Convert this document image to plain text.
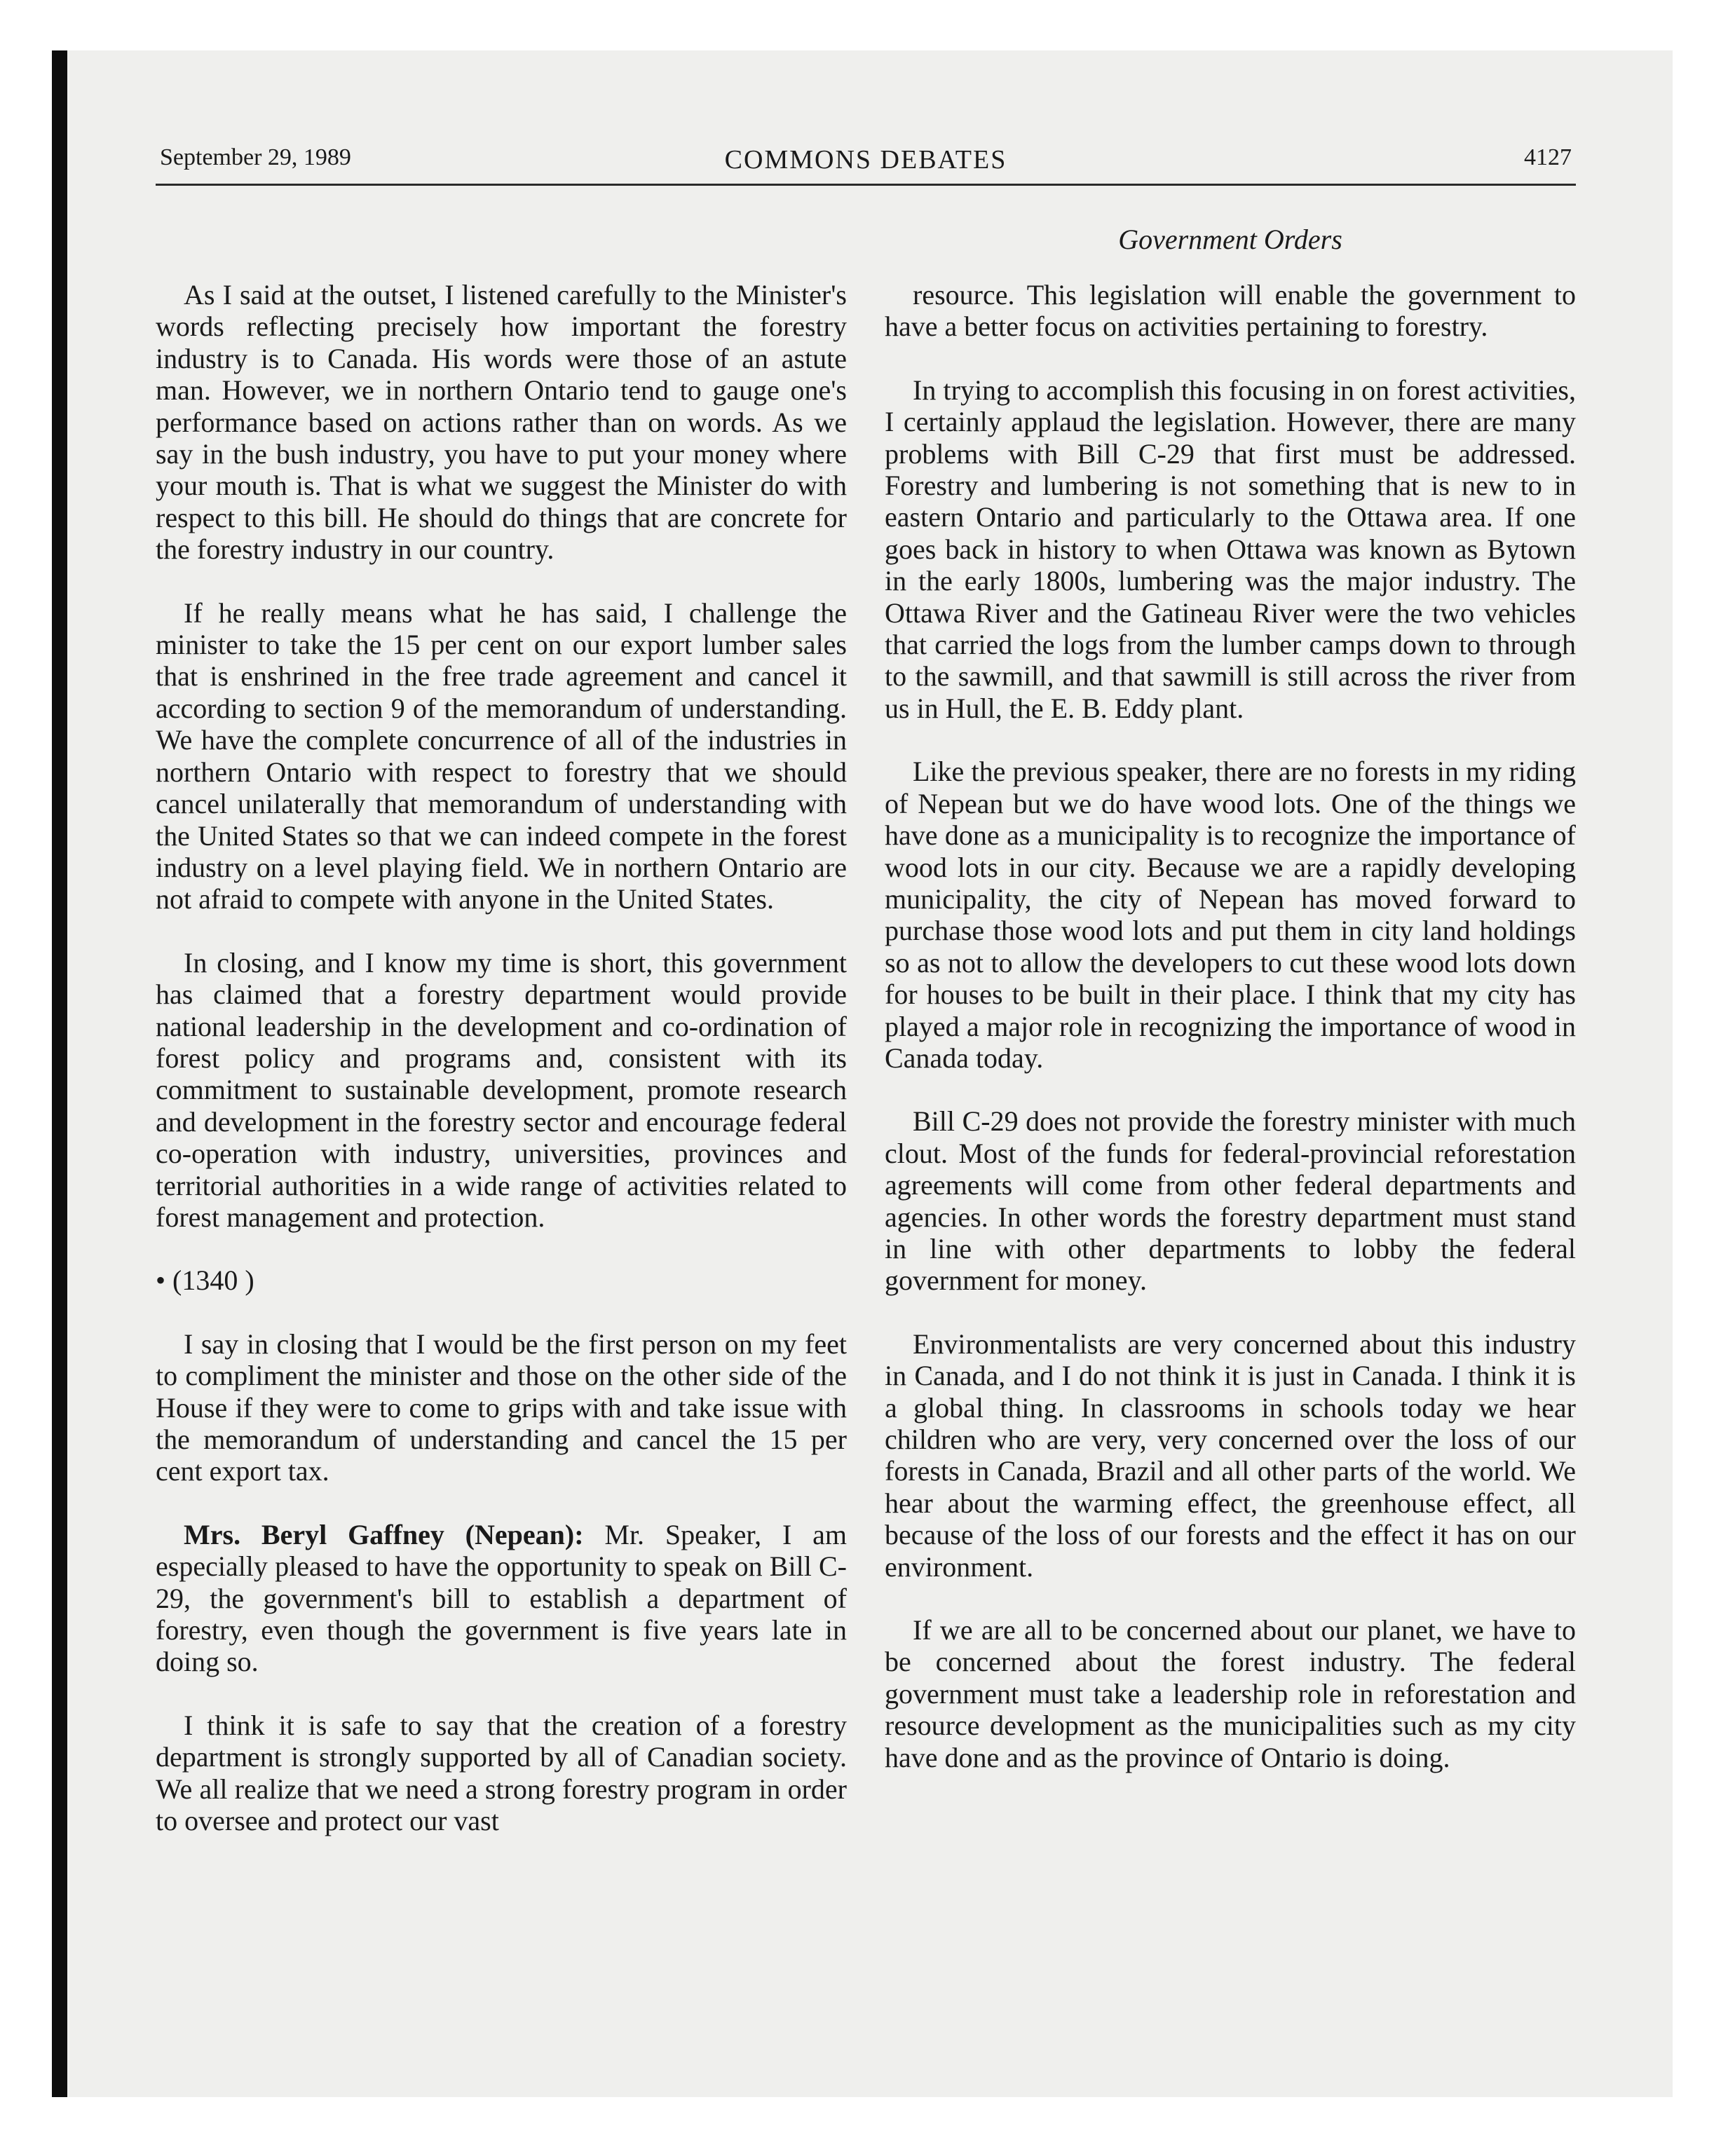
September 29, 1989	COMMONS DEBATES	4127
Government Orders

As I said at the outset, I listened carefully to the Minister's words reflecting precisely how important the forestry industry is to Canada. His words were those of an astute man. However, we in northern Ontario tend to gauge one's performance based on actions rather than on words. As we say in the bush industry, you have to put your money where your mouth is. That is what we suggest the Minister do with respect to this bill. He should do things that are concrete for the forestry industry in our country.

If he really means what he has said, I challenge the minister to take the 15 per cent on our export lumber sales that is enshrined in the free trade agreement and cancel it according to section 9 of the memorandum of understanding. We have the complete concurrence of all of the industries in northern Ontario with respect to forestry that we should cancel unilaterally that memorandum of understanding with the United States so that we can indeed compete in the forest industry on a level playing field. We in northern Ontario are not afraid to compete with anyone in the United States.

In closing, and I know my time is short, this government has claimed that a forestry department would provide national leadership in the development and co-ordination of forest policy and programs and, consistent with its commitment to sustainable development, promote research and development in the forestry sector and encourage federal co-operation with industry, universities, provinces and territorial authorities in a wide range of activities related to forest management and protection.

• (1340 )

I say in closing that I would be the first person on my feet to compliment the minister and those on the other side of the House if they were to come to grips with and take issue with the memorandum of understanding and cancel the 15 per cent export tax.

Mrs. Beryl Gaffney (Nepean): Mr. Speaker, I am especially pleased to have the opportunity to speak on Bill C-29, the government's bill to establish a department of forestry, even though the government is five years late in doing so.

I think it is safe to say that the creation of a forestry department is strongly supported by all of Canadian society. We all realize that we need a strong forestry program in order to oversee and protect our vast

resource. This legislation will enable the government to have a better focus on activities pertaining to forestry.

In trying to accomplish this focusing in on forest activities, I certainly applaud the legislation. However, there are many problems with Bill C-29 that first must be addressed. Forestry and lumbering is not something that is new to in eastern Ontario and particularly to the Ottawa area. If one goes back in history to when Ottawa was known as Bytown in the early 1800s, lumbering was the major industry. The Ottawa River and the Gatineau River were the two vehicles that carried the logs from the lumber camps down to through to the sawmill, and that sawmill is still across the river from us in Hull, the E. B. Eddy plant.

Like the previous speaker, there are no forests in my riding of Nepean but we do have wood lots. One of the things we have done as a municipality is to recognize the importance of wood lots in our city. Because we are a rapidly developing municipality, the city of Nepean has moved forward to purchase those wood lots and put them in city land holdings so as not to allow the developers to cut these wood lots down for houses to be built in their place. I think that my city has played a major role in recognizing the importance of wood in Canada today.

Bill C-29 does not provide the forestry minister with much clout. Most of the funds for federal-provincial reforestation agreements will come from other federal departments and agencies. In other words the forestry department must stand in line with other departments to lobby the federal government for money.

Environmentalists are very concerned about this industry in Canada, and I do not think it is just in Canada. I think it is a global thing. In classrooms in schools today we hear children who are very, very concerned over the loss of our forests in Canada, Brazil and all other parts of the world. We hear about the warming effect, the greenhouse effect, all because of the loss of our forests and the effect it has on our environment.

If we are all to be concerned about our planet, we have to be concerned about the forest industry. The federal government must take a leadership role in reforestation and resource development as the municipalities such as my city have done and as the province of Ontario is doing.
